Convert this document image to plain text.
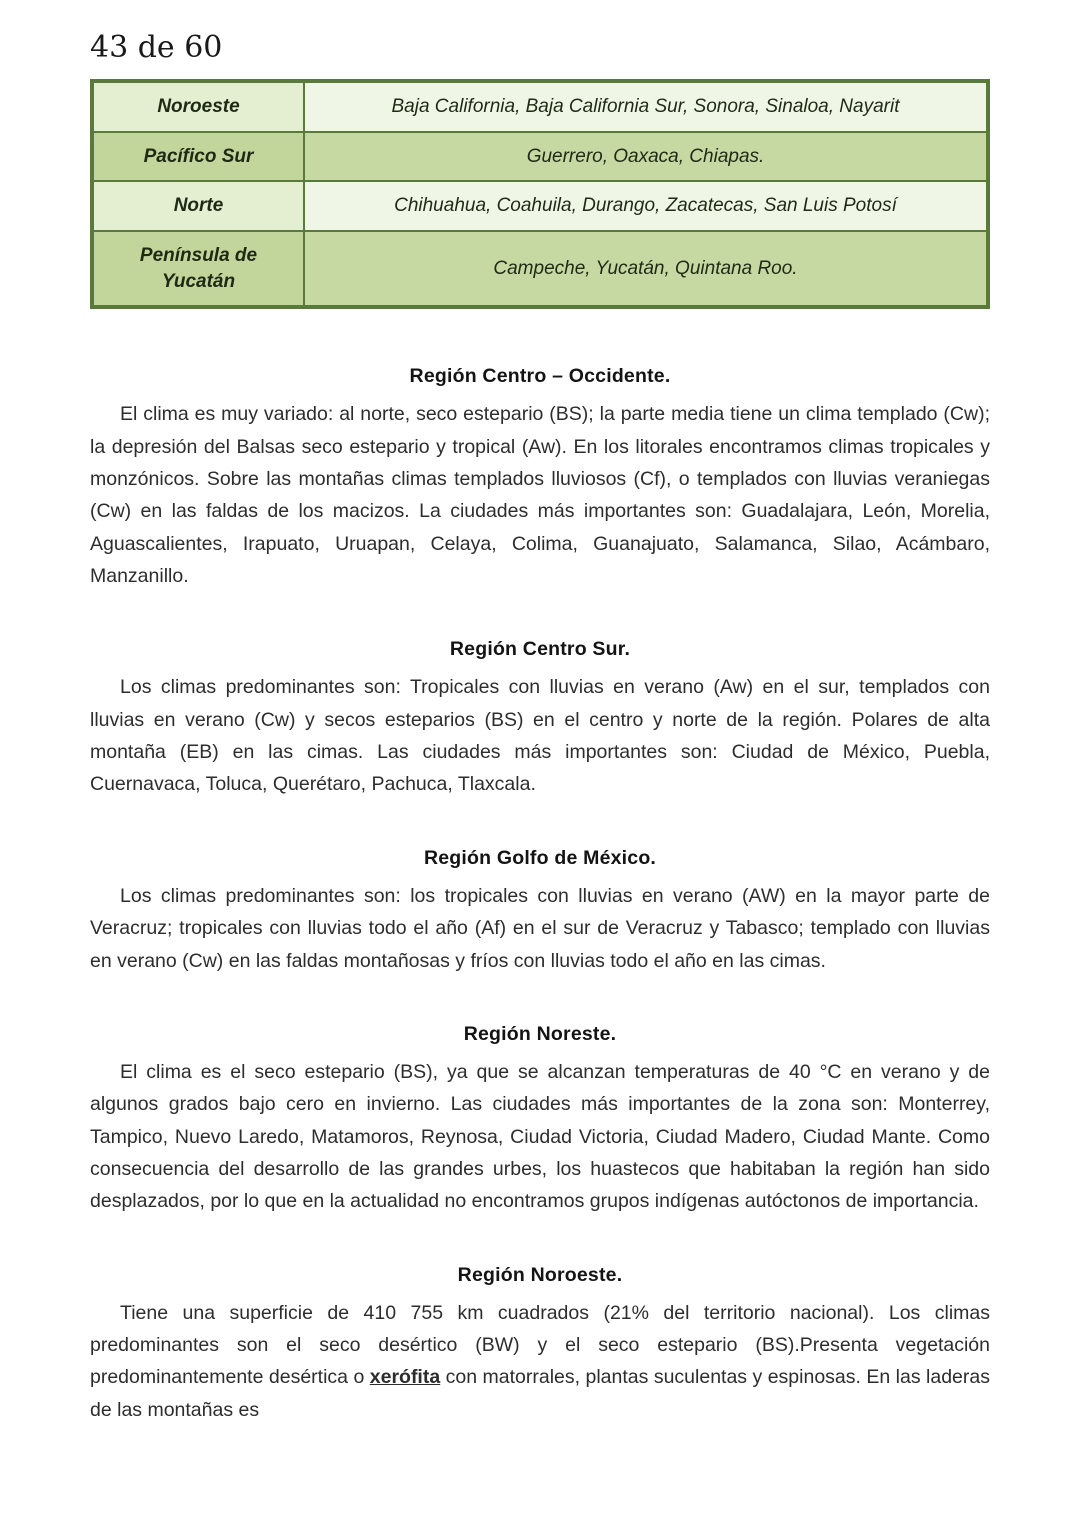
43 de 60
Noroeste	Baja California, Baja California Sur, Sonora, Sinaloa, Nayarit
Pacífico Sur	Guerrero, Oaxaca, Chiapas.
Norte	Chihuahua, Coahuila, Durango, Zacatecas, San Luis Potosí
Península de Yucatán	Campeche, Yucatán, Quintana Roo.
Región Centro – Occidente.

El clima es muy variado: al norte, seco estepario (BS); la parte media tiene un clima templado (Cw); la depresión del Balsas seco estepario y tropical (Aw). En los litorales encontramos climas tropicales y monzónicos. Sobre las montañas climas templados lluviosos (Cf), o templados con lluvias veraniegas (Cw) en las faldas de los macizos. La ciudades más importantes son: Guadalajara, León, Morelia, Aguascalientes, Irapuato, Uruapan, Celaya, Colima, Guanajuato, Salamanca, Silao, Acámbaro, Manzanillo.

Región Centro Sur.

Los climas predominantes son: Tropicales con lluvias en verano (Aw) en el sur, templados con lluvias en verano (Cw) y secos esteparios (BS) en el centro y norte de la región. Polares de alta montaña (EB) en las cimas. Las ciudades más importantes son: Ciudad de México, Puebla, Cuernavaca, Toluca, Querétaro, Pachuca, Tlaxcala.

Región Golfo de México.

Los climas predominantes son: los tropicales con lluvias en verano (AW) en la mayor parte de Veracruz; tropicales con lluvias todo el año (Af) en el sur de Veracruz y Tabasco; templado con lluvias en verano (Cw) en las faldas montañosas y fríos con lluvias todo el año en las cimas.

Región Noreste.

El clima es el seco estepario (BS), ya que se alcanzan temperaturas de 40 °C en verano y de algunos grados bajo cero en invierno. Las ciudades más importantes de la zona son: Monterrey, Tampico, Nuevo Laredo, Matamoros, Reynosa, Ciudad Victoria, Ciudad Madero, Ciudad Mante. Como consecuencia del desarrollo de las grandes urbes, los huastecos que habitaban la región han sido desplazados, por lo que en la actualidad no encontramos grupos indígenas autóctonos de importancia.

Región Noroeste.

Tiene una superficie de 410 755 km cuadrados (21% del territorio nacional). Los climas predominantes son el seco desértico (BW) y el seco estepario (BS).Presenta vegetación predominantemente desértica o xerófita con matorrales, plantas suculentas y espinosas. En las laderas de las montañas es
